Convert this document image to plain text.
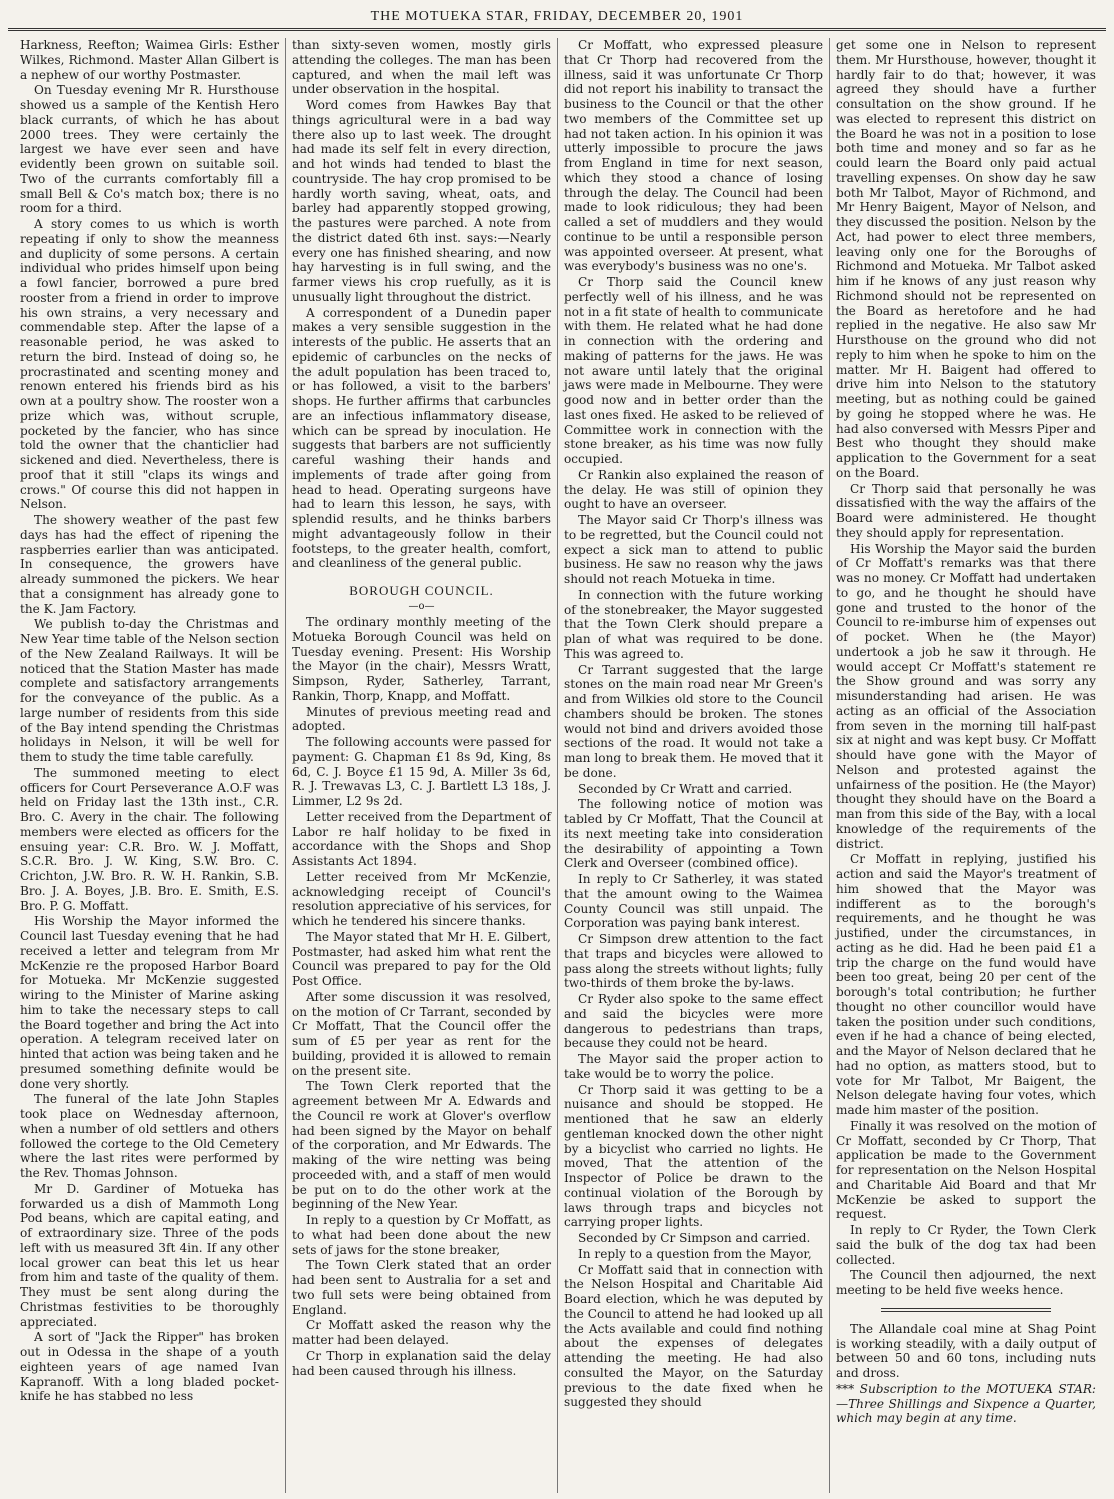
THE MOTUEKA STAR, FRIDAY, DECEMBER 20, 1901

Harkness, Reefton; Waimea Girls: Esther Wilkes, Richmond. Master Allan Gilbert is a nephew of our worthy Postmaster.

On Tuesday evening Mr R. Hursthouse showed us a sample of the Kentish Hero black currants, of which he has about 2000 trees. They were certainly the largest we have ever seen and have evidently been grown on suitable soil. Two of the currants comfortably fill a small Bell & Co's match box; there is no room for a third.

A story comes to us which is worth repeating if only to show the meanness and duplicity of some persons. A certain individual who prides himself upon being a fowl fancier, borrowed a pure bred rooster from a friend in order to improve his own strains, a very necessary and commendable step. After the lapse of a reasonable period, he was asked to return the bird. Instead of doing so, he procrastinated and scenting money and renown entered his friends bird as his own at a poultry show. The rooster won a prize which was, without scruple, pocketed by the fancier, who has since told the owner that the chanticlier had sickened and died. Nevertheless, there is proof that it still "claps its wings and crows." Of course this did not happen in Nelson.

The showery weather of the past few days has had the effect of ripening the raspberries earlier than was anticipated. In consequence, the growers have already summoned the pickers. We hear that a consignment has already gone to the K. Jam Factory.

We publish to-day the Christmas and New Year time table of the Nelson section of the New Zealand Railways. It will be noticed that the Station Master has made complete and satisfactory arrangements for the conveyance of the public. As a large number of residents from this side of the Bay intend spending the Christmas holidays in Nelson, it will be well for them to study the time table carefully.

The summoned meeting to elect officers for Court Perseverance A.O.F was held on Friday last the 13th inst., C.R. Bro. C. Avery in the chair. The following members were elected as officers for the ensuing year: C.R. Bro. W. J. Moffatt, S.C.R. Bro. J. W. King, S.W. Bro. C. Crichton, J.W. Bro. R. W. H. Rankin, S.B. Bro. J. A. Boyes, J.B. Bro. E. Smith, E.S. Bro. P. G. Moffatt.

His Worship the Mayor informed the Council last Tuesday evening that he had received a letter and telegram from Mr McKenzie re the proposed Harbor Board for Motueka. Mr McKenzie suggested wiring to the Minister of Marine asking him to take the necessary steps to call the Board together and bring the Act into operation. A telegram received later on hinted that action was being taken and he presumed something definite would be done very shortly.

The funeral of the late John Staples took place on Wednesday afternoon, when a number of old settlers and others followed the cortege to the Old Cemetery where the last rites were performed by the Rev. Thomas Johnson.

Mr D. Gardiner of Motueka has forwarded us a dish of Mammoth Long Pod beans, which are capital eating, and of extraordinary size. Three of the pods left with us measured 3ft 4in. If any other local grower can beat this let us hear from him and taste of the quality of them. They must be sent along during the Christmas festivities to be thoroughly appreciated.

A sort of "Jack the Ripper" has broken out in Odessa in the shape of a youth eighteen years of age named Ivan Kapranoff. With a long bladed pocket-knife he has stabbed no less

than sixty-seven women, mostly girls attending the colleges. The man has been captured, and when the mail left was under observation in the hospital.

Word comes from Hawkes Bay that things agricultural were in a bad way there also up to last week. The drought had made its self felt in every direction, and hot winds had tended to blast the countryside. The hay crop promised to be hardly worth saving, wheat, oats, and barley had apparently stopped growing, the pastures were parched. A note from the district dated 6th inst. says:—Nearly every one has finished shearing, and now hay harvesting is in full swing, and the farmer views his crop ruefully, as it is unusually light throughout the district.

A correspondent of a Dunedin paper makes a very sensible suggestion in the interests of the public. He asserts that an epidemic of carbuncles on the necks of the adult population has been traced to, or has followed, a visit to the barbers' shops. He further affirms that carbuncles are an infectious inflammatory disease, which can be spread by inoculation. He suggests that barbers are not sufficiently careful washing their hands and implements of trade after going from head to head. Operating surgeons have had to learn this lesson, he says, with splendid results, and he thinks barbers might advantageously follow in their footsteps, to the greater health, comfort, and cleanliness of the general public.

BOROUGH COUNCIL.
—o—

The ordinary monthly meeting of the Motueka Borough Council was held on Tuesday evening. Present: His Worship the Mayor (in the chair), Messrs Wratt, Simpson, Ryder, Satherley, Tarrant, Rankin, Thorp, Knapp, and Moffatt.

Minutes of previous meeting read and adopted.

The following accounts were passed for payment: G. Chapman £1 8s 9d, King, 8s 6d, C. J. Boyce £1 15 9d, A. Miller 3s 6d, R. J. Trewavas L3, C. J. Bartlett L3 18s, J. Limmer, L2 9s 2d.

Letter received from the Department of Labor re half holiday to be fixed in accordance with the Shops and Shop Assistants Act 1894.

Letter received from Mr McKenzie, acknowledging receipt of Council's resolution appreciative of his services, for which he tendered his sincere thanks.

The Mayor stated that Mr H. E. Gilbert, Postmaster, had asked him what rent the Council was prepared to pay for the Old Post Office.

After some discussion it was resolved, on the motion of Cr Tarrant, seconded by Cr Moffatt, That the Council offer the sum of £5 per year as rent for the building, provided it is allowed to remain on the present site.

The Town Clerk reported that the agreement between Mr A. Edwards and the Council re work at Glover's overflow had been signed by the Mayor on behalf of the corporation, and Mr Edwards. The making of the wire netting was being proceeded with, and a staff of men would be put on to do the other work at the beginning of the New Year.

In reply to a question by Cr Moffatt, as to what had been done about the new sets of jaws for the stone breaker,

The Town Clerk stated that an order had been sent to Australia for a set and two full sets were being obtained from England.

Cr Moffatt asked the reason why the matter had been delayed.

Cr Thorp in explanation said the delay had been caused through his illness.

Cr Moffatt, who expressed pleasure that Cr Thorp had recovered from the illness, said it was unfortunate Cr Thorp did not report his inability to transact the business to the Council or that the other two members of the Committee set up had not taken action. In his opinion it was utterly impossible to procure the jaws from England in time for next season, which they stood a chance of losing through the delay. The Council had been made to look ridiculous; they had been called a set of muddlers and they would continue to be until a responsible person was appointed overseer. At present, what was everybody's business was no one's.

Cr Thorp said the Council knew perfectly well of his illness, and he was not in a fit state of health to communicate with them. He related what he had done in connection with the ordering and making of patterns for the jaws. He was not aware until lately that the original jaws were made in Melbourne. They were good now and in better order than the last ones fixed. He asked to be relieved of Committee work in connection with the stone breaker, as his time was now fully occupied.

Cr Rankin also explained the reason of the delay. He was still of opinion they ought to have an overseer.

The Mayor said Cr Thorp's illness was to be regretted, but the Council could not expect a sick man to attend to public business. He saw no reason why the jaws should not reach Motueka in time.

In connection with the future working of the stonebreaker, the Mayor suggested that the Town Clerk should prepare a plan of what was required to be done. This was agreed to.

Cr Tarrant suggested that the large stones on the main road near Mr Green's and from Wilkies old store to the Council chambers should be broken. The stones would not bind and drivers avoided those sections of the road. It would not take a man long to break them. He moved that it be done.

Seconded by Cr Wratt and carried.

The following notice of motion was tabled by Cr Moffatt, That the Council at its next meeting take into consideration the desirability of appointing a Town Clerk and Overseer (combined office).

In reply to Cr Satherley, it was stated that the amount owing to the Waimea County Council was still unpaid. The Corporation was paying bank interest.

Cr Simpson drew attention to the fact that traps and bicycles were allowed to pass along the streets without lights; fully two-thirds of them broke the by-laws.

Cr Ryder also spoke to the same effect and said the bicycles were more dangerous to pedestrians than traps, because they could not be heard.

The Mayor said the proper action to take would be to worry the police.

Cr Thorp said it was getting to be a nuisance and should be stopped. He mentioned that he saw an elderly gentleman knocked down the other night by a bicyclist who carried no lights. He moved, That the attention of the Inspector of Police be drawn to the continual violation of the Borough by laws through traps and bicycles not carrying proper lights.

Seconded by Cr Simpson and carried.

In reply to a question from the Mayor,

Cr Moffatt said that in connection with the Nelson Hospital and Charitable Aid Board election, which he was deputed by the Council to attend he had looked up all the Acts available and could find nothing about the expenses of delegates attending the meeting. He had also consulted the Mayor, on the Saturday previous to the date fixed when he suggested they should

get some one in Nelson to represent them. Mr Hursthouse, however, thought it hardly fair to do that; however, it was agreed they should have a further consultation on the show ground. If he was elected to represent this district on the Board he was not in a position to lose both time and money and so far as he could learn the Board only paid actual travelling expenses. On show day he saw both Mr Talbot, Mayor of Richmond, and Mr Henry Baigent, Mayor of Nelson, and they discussed the position. Nelson by the Act, had power to elect three members, leaving only one for the Boroughs of Richmond and Motueka. Mr Talbot asked him if he knows of any just reason why Richmond should not be represented on the Board as heretofore and he had replied in the negative. He also saw Mr Hursthouse on the ground who did not reply to him when he spoke to him on the matter. Mr H. Baigent had offered to drive him into Nelson to the statutory meeting, but as nothing could be gained by going he stopped where he was. He had also conversed with Messrs Piper and Best who thought they should make application to the Government for a seat on the Board.

Cr Thorp said that personally he was dissatisfied with the way the affairs of the Board were administered. He thought they should apply for representation.

His Worship the Mayor said the burden of Cr Moffatt's remarks was that there was no money. Cr Moffatt had undertaken to go, and he thought he should have gone and trusted to the honor of the Council to re-imburse him of expenses out of pocket. When he (the Mayor) undertook a job he saw it through. He would accept Cr Moffatt's statement re the Show ground and was sorry any misunderstanding had arisen. He was acting as an official of the Association from seven in the morning till half-past six at night and was kept busy. Cr Moffatt should have gone with the Mayor of Nelson and protested against the unfairness of the position. He (the Mayor) thought they should have on the Board a man from this side of the Bay, with a local knowledge of the requirements of the district.

Cr Moffatt in replying, justified his action and said the Mayor's treatment of him showed that the Mayor was indifferent as to the borough's requirements, and he thought he was justified, under the circumstances, in acting as he did. Had he been paid £1 a trip the charge on the fund would have been too great, being 20 per cent of the borough's total contribution; he further thought no other councillor would have taken the position under such conditions, even if he had a chance of being elected, and the Mayor of Nelson declared that he had no option, as matters stood, but to vote for Mr Talbot, Mr Baigent, the Nelson delegate having four votes, which made him master of the position.

Finally it was resolved on the motion of Cr Moffatt, seconded by Cr Thorp, That application be made to the Government for representation on the Nelson Hospital and Charitable Aid Board and that Mr McKenzie be asked to support the request.

In reply to Cr Ryder, the Town Clerk said the bulk of the dog tax had been collected.

The Council then adjourned, the next meeting to be held five weeks hence.

The Allandale coal mine at Shag Point is working steadily, with a daily output of between 50 and 60 tons, including nuts and dross.

*** Subscription to the MOTUEKA STAR:—Three Shillings and Sixpence a Quarter, which may begin at any time.
